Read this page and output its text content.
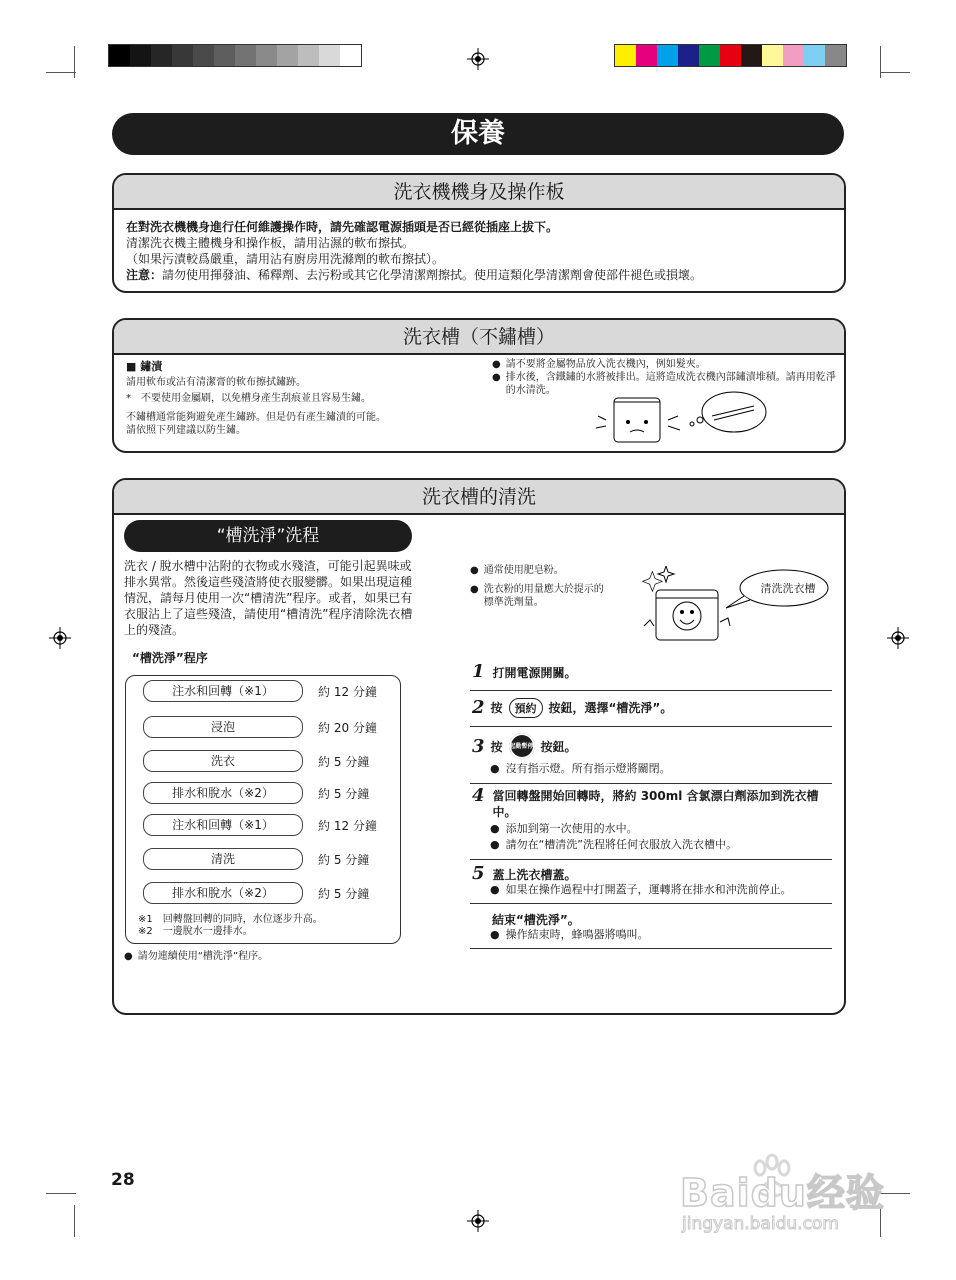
保養
洗衣機機身及操作板
在對洗衣機機身進行任何維護操作時，請先確認電源插頭是否已經從插座上拔下。
清潔洗衣機主體機身和操作板，請用沾濕的軟布擦拭。
（如果污漬較爲嚴重，請用沾有廚房用洗滌劑的軟布擦拭）。
注意：請勿使用揮發油、稀釋劑、去污粉或其它化學清潔劑擦拭。使用這類化學清潔劑會使部件褪色或損壞。
洗衣槽（不鏽槽）
■ 鏽漬
請用軟布或沾有清潔膏的軟布擦拭鏽跡。
*　不要使用金屬刷，以免槽身產生刮痕並且容易生鏽。
不鏽槽通常能夠避免產生鏽跡。但是仍有產生鏽漬的可能。請依照下列建議以防生鏽。
● 請不要將金屬物品放入洗衣機內，例如髮夾。
● 排水後，含鐵鏽的水將被排出。這將造成洗衣機內部鏽漬堆積。請再用乾淨的水清洗。
洗衣槽的清洗
“槽洗淨”洗程
洗衣 / 脫水槽中沾附的衣物或水殘渣，可能引起異味或排水異常。然後這些殘渣將使衣服變髒。如果出現這種情況，請每月使用一次“槽清洗”程序。或者，如果已有衣服沾上了這些殘渣，請使用“槽清洗”程序清除洗衣槽上的殘渣。
● 通常使用肥皂粉。
● 洗衣粉的用量應大於提示的標準洗劑量。
清洗洗衣槽
“槽洗淨”程序
注水和回轉（※1）	約 12 分鐘
浸泡	約 20 分鐘
洗衣	約 5 分鐘
排水和脫水（※2）	約 5 分鐘
注水和回轉（※1）	約 12 分鐘
清洗	約 5 分鐘
排水和脫水（※2）	約 5 分鐘
※1　回轉盤回轉的同時，水位逐步升高。
※2　一邊脫水一邊排水。
● 請勿連續使用“槽洗淨”程序。
1 打開電源開關。
2 按	預約	按鈕，選擇“槽洗淨”。
3 按 起動暫停 按鈕。
● 沒有指示燈。所有指示燈將關閉。
4 當回轉盤開始回轉時，將約 300ml 含氯漂白劑添加到洗衣槽中。
● 添加到第一次使用的水中。
● 請勿在“槽清洗”洗程將任何衣服放入洗衣槽中。
5 蓋上洗衣槽蓋。
● 如果在操作過程中打開蓋子，運轉將在排水和沖洗前停止。
結束“槽洗淨”。
● 操作結束時，蜂鳴器將鳴叫。
28	Baidu经验
jingyan.baidu.com
